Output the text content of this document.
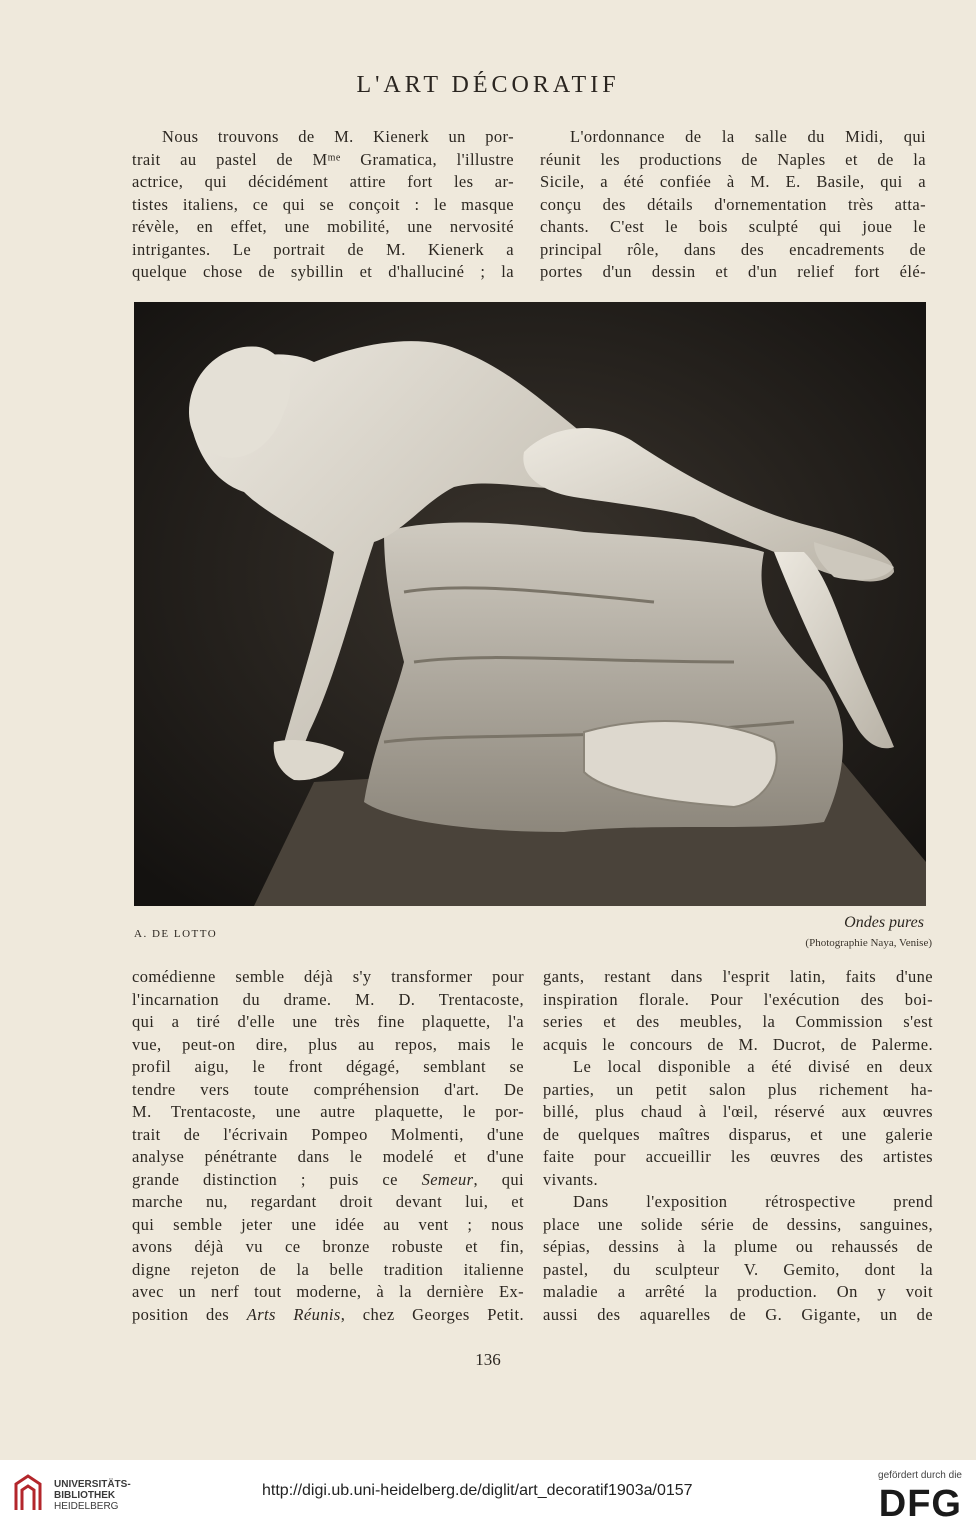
L'ART DÉCORATIF
Nous trouvons de M. Kienerk un por-
trait au pastel de Mᵐᵉ Gramatica, l'illustre
actrice, qui décidément attire fort les ar-
tistes italiens, ce qui se conçoit : le masque
révèle, en effet, une mobilité, une nervosité
intrigantes. Le portrait de M. Kienerk a
quelque chose de sybillin et d'halluciné ; la
L'ordonnance de la salle du Midi, qui
réunit les productions de Naples et de la
Sicile, a été confiée à M. E. Basile, qui a
conçu des détails d'ornementation très atta-
chants. C'est le bois sculpté qui joue le
principal rôle, dans des encadrements de
portes d'un dessin et d'un relief fort élé-
A. DE LOTTO
Ondes pures
(Photographie Naya, Venise)
comédienne semble déjà s'y transformer pour
l'incarnation du drame. M. D. Trentacoste,
qui a tiré d'elle une très fine plaquette, l'a
vue, peut-on dire, plus au repos, mais le
profil aigu, le front dégagé, semblant se
tendre vers toute compréhension d'art. De
M. Trentacoste, une autre plaquette, le por-
trait de l'écrivain Pompeo Molmenti, d'une
analyse pénétrante dans le modelé et d'une
grande distinction ; puis ce Semeur, qui
marche nu, regardant droit devant lui, et
qui semble jeter une idée au vent ; nous
avons déjà vu ce bronze robuste et fin,
digne rejeton de la belle tradition italienne
avec un nerf tout moderne, à la dernière Ex-
position des Arts Réunis, chez Georges Petit.
gants, restant dans l'esprit latin, faits d'une
inspiration florale. Pour l'exécution des boi-
series et des meubles, la Commission s'est
acquis le concours de M. Ducrot, de Palerme.
Le local disponible a été divisé en deux
parties, un petit salon plus richement ha-
billé, plus chaud à l'œil, réservé aux œuvres
de quelques maîtres disparus, et une galerie
faite pour accueillir les œuvres des artistes
vivants.
Dans l'exposition rétrospective prend
place une solide série de dessins, sanguines,
sépias, dessins à la plume ou rehaussés de
pastel, du sculpteur V. Gemito, dont la
maladie a arrêté la production. On y voit
aussi des aquarelles de G. Gigante, un de
136
UNIVERSITÄTS-
BIBLIOTHEK
HEIDELBERG
http://digi.ub.uni-heidelberg.de/diglit/art_decoratif1903a/0157
gefördert durch die
DFG
